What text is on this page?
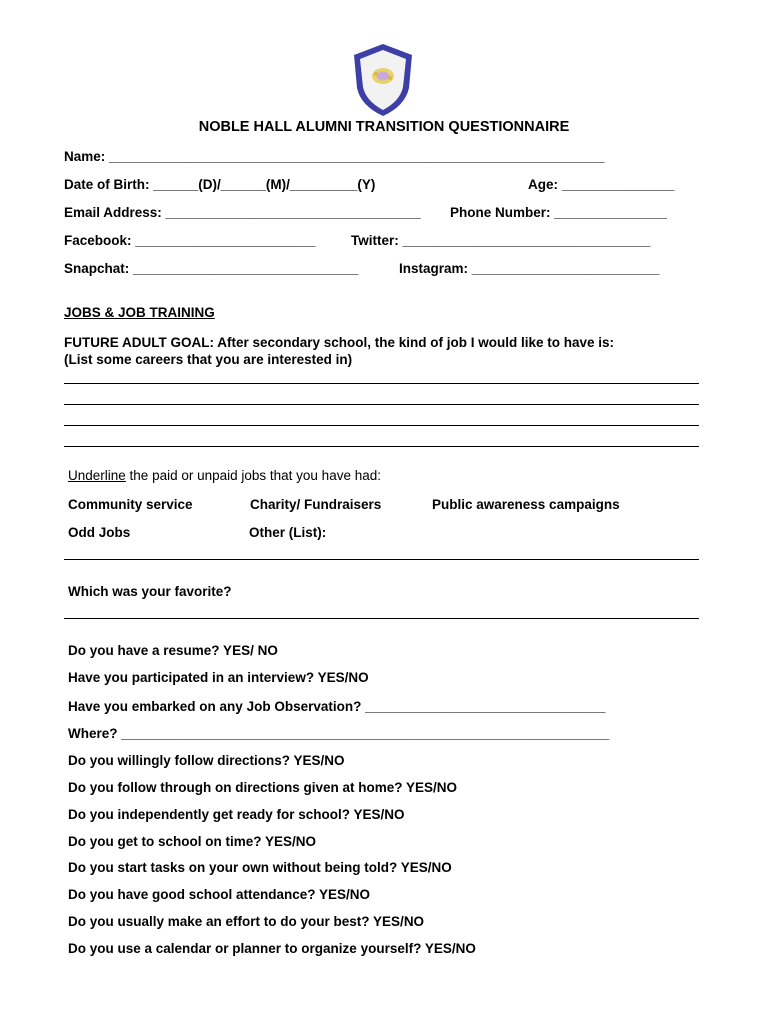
NOBLE HALL ALUMNI TRANSITION QUESTIONNAIRE
Name: __________________________________________________________________
Date of Birth: ______(D)/______(M)/_________(Y)	Age: _______________
Email Address: __________________________________ Phone Number: _______________
Facebook: ________________________	Twitter: _________________________________
Snapchat: ______________________________	Instagram: _________________________
JOBS & JOB TRAINING
FUTURE ADULT GOAL: After secondary school, the kind of job I would like to have is:
(List some careers that you are interested in)
Underline the paid or unpaid jobs that you have had:
Community service	Charity/ Fundraisers	Public awareness campaigns
Odd Jobs	Other (List):
Which was your favorite?
Do you have a resume? YES/ NO
Have you participated in an interview? YES/NO
Have you embarked on any Job Observation? ________________________________
Where? _________________________________________________________________
Do you willingly follow directions? YES/NO
Do you follow through on directions given at home? YES/NO
Do you independently get ready for school? YES/NO
Do you get to school on time? YES/NO
Do you start tasks on your own without being told? YES/NO
Do you have good school attendance? YES/NO
Do you usually make an effort to do your best? YES/NO
Do you use a calendar or planner to organize yourself? YES/NO
